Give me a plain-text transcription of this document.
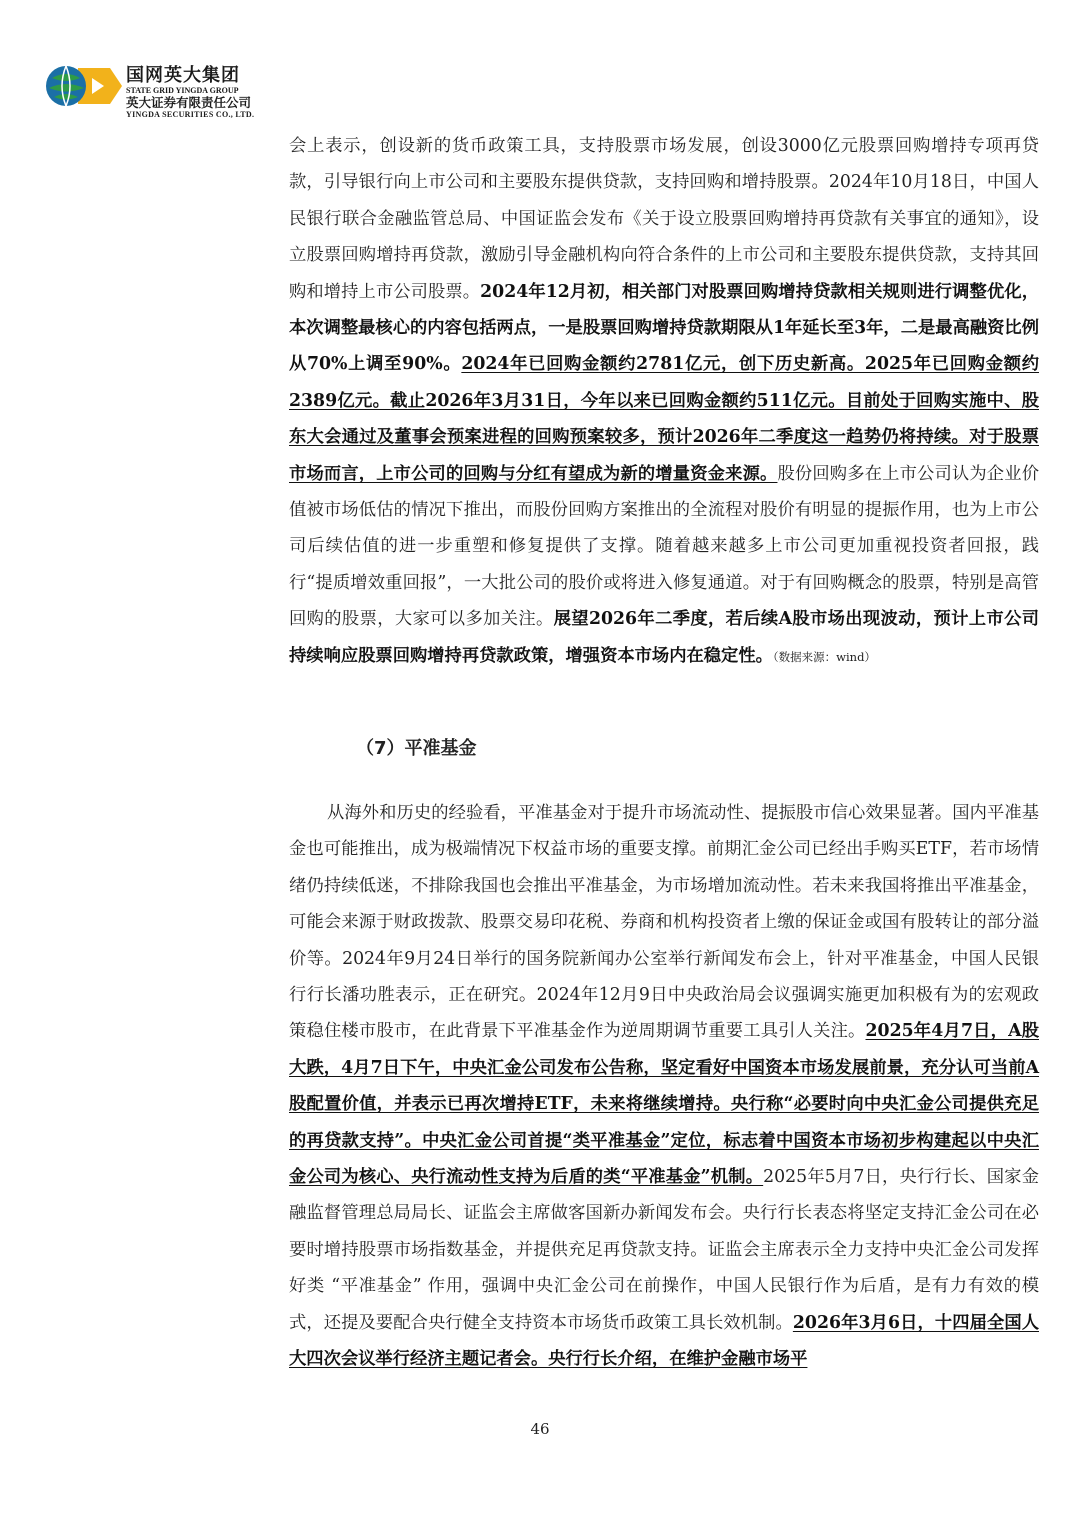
国网英大集团
STATE GRID YINGDA GROUP
英大证券有限责任公司
YINGDA SECURITIES CO., LTD.

会上表示，创设新的货币政策工具，支持股票市场发展，创设3000亿元股票回购增持专项再贷款，引导银行向上市公司和主要股东提供贷款，支持回购和增持股票。2024年10月18日，中国人民银行联合金融监管总局、中国证监会发布《关于设立股票回购增持再贷款有关事宜的通知》，设立股票回购增持再贷款，激励引导金融机构向符合条件的上市公司和主要股东提供贷款，支持其回购和增持上市公司股票。2024年12月初，相关部门对股票回购增持贷款相关规则进行调整优化，本次调整最核心的内容包括两点，一是股票回购增持贷款期限从1年延长至3年，二是最高融资比例从70%上调至90%。2024年已回购金额约2781亿元，创下历史新高。2025年已回购金额约2389亿元。截止2026年3月31日，今年以来已回购金额约511亿元。目前处于回购实施中、股东大会通过及董事会预案进程的回购预案较多，预计2026年二季度这一趋势仍将持续。对于股票市场而言，上市公司的回购与分红有望成为新的增量资金来源。股份回购多在上市公司认为企业价值被市场低估的情况下推出，而股份回购方案推出的全流程对股价有明显的提振作用，也为上市公司后续估值的进一步重塑和修复提供了支撑。随着越来越多上市公司更加重视投资者回报，践行“提质增效重回报”，一大批公司的股价或将进入修复通道。对于有回购概念的股票，特别是高管回购的股票，大家可以多加关注。展望2026年二季度，若后续A股市场出现波动，预计上市公司持续响应股票回购增持再贷款政策，增强资本市场内在稳定性。（数据来源：wind）

（7）平准基金

从海外和历史的经验看，平准基金对于提升市场流动性、提振股市信心效果显著。国内平准基金也可能推出，成为极端情况下权益市场的重要支撑。前期汇金公司已经出手购买ETF，若市场情绪仍持续低迷，不排除我国也会推出平准基金，为市场增加流动性。若未来我国将推出平准基金，可能会来源于财政拨款、股票交易印花税、券商和机构投资者上缴的保证金或国有股转让的部分溢价等。2024年9月24日举行的国务院新闻办公室举行新闻发布会上，针对平准基金，中国人民银行行长潘功胜表示，正在研究。2024年12月9日中央政治局会议强调实施更加积极有为的宏观政策稳住楼市股市，在此背景下平准基金作为逆周期调节重要工具引人关注。2025年4月7日，A股大跌，4月7日下午，中央汇金公司发布公告称，坚定看好中国资本市场发展前景，充分认可当前A股配置价值，并表示已再次增持ETF，未来将继续增持。央行称“必要时向中央汇金公司提供充足的再贷款支持”。中央汇金公司首提“类平准基金”定位，标志着中国资本市场初步构建起以中央汇金公司为核心、央行流动性支持为后盾的类“平准基金”机制。2025年5月7日，央行行长、国家金融监督管理总局局长、证监会主席做客国新办新闻发布会。央行行长表态将坚定支持汇金公司在必要时增持股票市场指数基金，并提供充足再贷款支持。证监会主席表示全力支持中央汇金公司发挥好类 “平准基金” 作用，强调中央汇金公司在前操作，中国人民银行作为后盾，是有力有效的模式，还提及要配合央行健全支持资本市场货币政策工具长效机制。2026年3月6日，十四届全国人大四次会议举行经济主题记者会。央行行长介绍，在维护金融市场平

46
